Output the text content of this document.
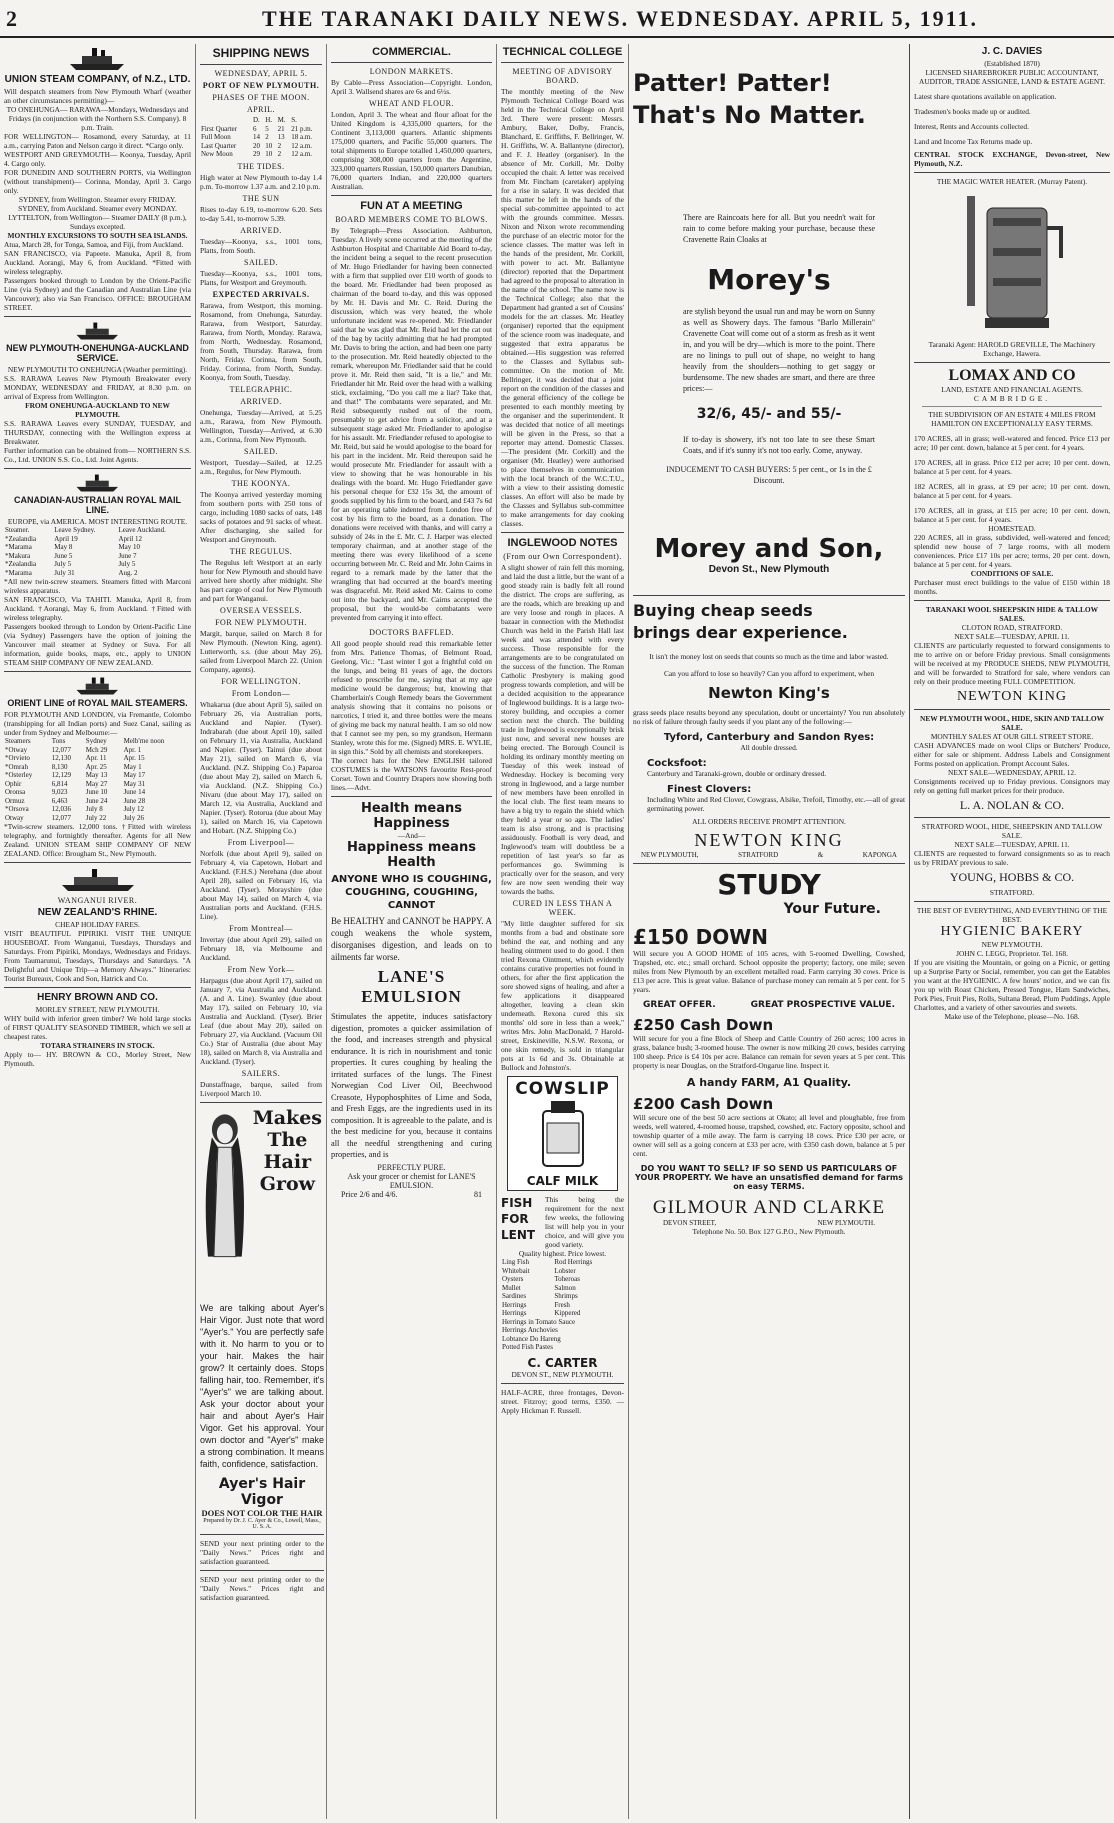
2	THE TARANAKI DAILY NEWS. WEDNESDAY. APRIL 5, 1911.
UNION STEAM COMPANY, of N.Z., LTD.

Will despatch steamers from New Plymouth Wharf (weather an other circumstances permitting)—

TO ONEHUNGA— RARAWA—Mondays, Wednesdays and Fridays (in conjunction with the Northern S.S. Company). 8 p.m. Train.

FOR WELLINGTON— Rosamond, every Saturday, at 11 a.m., carrying Paton and Nelson cargo it direct. *Cargo only.

WESTPORT AND GREYMOUTH— Koonya, Tuesday, April 4. Cargo only.

FOR DUNEDIN AND SOUTHERN PORTS, via Wellington (without transhipment)— Corinna, Monday, April 3. Cargo only.

SYDNEY, from Wellington. Steamer every FRIDAY. SYDNEY, from Auckland. Steamer every MONDAY.

LYTTELTON, from Wellington— Steamer DAILY (8 p.m.), Sundays excepted.

MONTHLY EXCURSIONS TO SOUTH SEA ISLANDS.

Atua, March 28, for Tonga, Samoa, and Fiji, from Auckland.

SAN FRANCISCO, via Papeete. Manuka, April 8, from Auckland. Aorangi, May 6, from Auckland. *Fitted with wireless telegraphy.

Passengers booked through to London by the Orient-Pacific Line (via Sydney) and the Canadian and Australian Line (via Vancouver); also via San Francisco. OFFICE: BROUGHAM STREET.

NEW PLYMOUTH-ONEHUNGA-AUCKLAND SERVICE.

NEW PLYMOUTH TO ONEHUNGA (Weather permitting).

S.S. RARAWA Leaves New Plymouth Breakwater every MONDAY, WEDNESDAY and FRIDAY, at 8.30 p.m. on arrival of Express from Wellington.

FROM ONEHUNGA-AUCKLAND TO NEW PLYMOUTH.

S.S. RARAWA Leaves every SUNDAY, TUESDAY, and THURSDAY, connecting with the Wellington express at Breakwater.

Further information can be obtained from— NORTHERN S.S. Co., Ltd. UNION S.S. Co., Ltd. Joint Agents.

CANADIAN-AUSTRALIAN ROYAL MAIL LINE.

EUROPE, via AMERICA. MOST INTERESTING ROUTE.

Steamer.	Leave Sydney.	Leave Auckland.
*Zealandia	April 19	April 12
*Marama	May 8	May 10
*Makura	June 5	June 7
*Zealandia	July 5	July 5
*Marama	July 31	Aug. 2

*All new twin-screw steamers. Steamers fitted with Marconi wireless apparatus.

SAN FRANCISCO, Via TAHITI. Manuka, April 8, from Auckland. †Aorangi, May 6, from Auckland. †Fitted with wireless telegraphy.

Passengers booked through to London by Orient-Pacific Line (via Sydney) Passengers have the option of joining the Vancouver mail steamer at Sydney or Suva. For all information, guide books, maps, etc., apply to UNION STEAM SHIP COMPANY OF NEW ZEALAND.

ORIENT LINE of ROYAL MAIL STEAMERS.

FOR PLYMOUTH AND LONDON, via Fremantle, Colombo (transhipping for all Indian ports) and Suez Canal, sailing as under from Sydney and Melbourne:—

Steamers	Tons	Sydney	Melb'rne noon
*Otway	12,077	Mch 29	Apr. 1
*Orvieto	12,130	Apr. 11	Apr. 15
*Omrah	8,130	Apr. 25	May 1
*Osterley	12,129	May 13	May 17
Ophir	6,814	May 27	May 31
Oronsa	9,023	June 10	June 14
Ormuz	6,463	June 24	June 28
*Orsova	12,036	July 8	July 12
Otway	12,077	July 22	July 26

*Twin-screw steamers. 12,000 tons. †Fitted with wireless telegraphy, and fortnightly thereafter. Agents for all New Zealand. UNION STEAM SHIP COMPANY OF NEW ZEALAND. Office: Brougham St., New Plymouth.

WANGANUI RIVER.
NEW ZEALAND'S RHINE.

CHEAP HOLIDAY FARES.

VISIT BEAUTIFUL PIPIRIKI. VISIT THE UNIQUE HOUSEBOAT. From Wanganui, Tuesdays, Thursdays and Saturdays. From Pipiriki, Mondays, Wednesdays and Fridays. From Taumarunui, Tuesdays, Thursdays and Saturdays. "A Delightful and Unique Trip—a Memory Always." Itineraries: Tourist Bureaux, Cook and Son, Hatrick and Co.

HENRY BROWN AND CO.

MORLEY STREET, NEW PLYMOUTH.

WHY build with inferior green timber? We hold large stocks of FIRST QUALITY SEASONED TIMBER, which we sell at cheapest rates.

TOTARA STRAINERS IN STOCK.

Apply to— HY. BROWN & CO., Morley Street, New Plymouth.

SHIPPING NEWS
WEDNESDAY, APRIL 5.
PORT OF NEW PLYMOUTH.
PHASES OF THE MOON.
APRIL.
	D.	H.	M.	S.
First Quarter	6	5	21	21 p.m.
Full Moon	14	2	13	18 a.m.
Last Quarter	20	10	2	12 a.m.
New Moon	29	10	2	12 a.m.
THE TIDES.

High water at New Plymouth to-day 1.4 p.m. To-morrow 1.37 a.m. and 2.10 p.m.

THE SUN

Rises to-day 6.19, to-morrow 6.20. Sets to-day 5.41, to-morrow 5.39.

ARRIVED.

Tuesday—Koonya, s.s., 1001 tons, Platts, from South.

SAILED.

Tuesday—Koonya, s.s., 1001 tons, Platts, for Westport and Greymouth.

EXPECTED ARRIVALS.

Rarawa, from Westport, this morning. Rosamond, from Onehunga, Saturday. Rarawa, from Westport, Saturday. Rarawa, from North, Monday. Rarawa, from North, Wednesday. Rosamond, from South, Thursday. Rarawa, from North, Friday. Corinna, from South, Friday. Corinna, from North, Sunday. Koonya, from South, Tuesday.

TELEGRAPHIC.
ARRIVED.

Onehunga, Tuesday—Arrived, at 5.25 a.m., Rarawa, from New Plymouth. Wellington, Tuesday—Arrived, at 6.30 a.m., Corinna, from New Plymouth.

SAILED.

Westport, Tuesday—Sailed, at 12.25 a.m., Regulus, for New Plymouth.

THE KOONYA.

The Koonya arrived yesterday morning from southern ports with 250 tons of cargo, including 1080 sacks of oats, 148 sacks of potatoes and 91 sacks of wheat. After discharging, she sailed for Westport and Greymouth.

THE REGULUS.

The Regulus left Westport at an early hour for New Plymouth and should have arrived here shortly after midnight. She has part cargo of coal for New Plymouth and part for Wanganui.

OVERSEA VESSELS.
FOR NEW PLYMOUTH.

Margit, barque, sailed on March 8 for New Plymouth. (Newton King, agent). Lutterworth, s.s. (due about May 26), sailed from Liverpool March 22. (Union Company, agents).

FOR WELLINGTON.
From London—

Whakarua (due about April 5), sailed on February 26, via Australian ports, Auckland and Napier. (Tyser). Indrabarah (due about April 10), sailed on February 11, via Australia, Auckland and Napier. (Tyser). Tainui (due about May 21), sailed on March 6, via Auckland. (N.Z. Shipping Co.) Paparoa (due about May 2), sailed on March 6, via Auckland. (N.Z. Shipping Co.) Nivaru (due about May 17), sailed on March 12, via Australia, Auckland and Napier. (Tyser). Rotorua (due about May 1), sailed on March 16, via Capetown and Hobart. (N.Z. Shipping Co.)

From Liverpool—

Norfolk (due about April 9), sailed on February 4, via Capetown, Hobart and Auckland. (F.H.S.) Nerehana (due about April 28), sailed on February 16, via Auckland. (Tyser). Morayshire (due about May 14), sailed on March 4, via Australian ports and Auckland. (F.H.S. Line).

From Montreal—

Invertay (due about April 29), sailed on February 18, via Melbourne and Auckland.

From New York—

Harpagus (due about April 17), sailed on January 7, via Australia and Auckland. (A. and A. Line). Swanley (due about May 17), sailed on February 10, via Australia and Auckland. (Tyser). Brier Leaf (due about May 20), sailed on February 27, via Auckland. (Vacuum Oil Co.) Star of Australia (due about May 18), sailed on March 8, via Australia and Auckland. (Tyser).

SAILERS.

Dunstaffnage, barque, sailed from Liverpool March 10.

Makes The Hair Grow
COMMERCIAL.
LONDON MARKETS.

By Cable—Press Association—Copyright. London, April 3. Wallsend shares are 6s and 6½s.

WHEAT AND FLOUR.

London, April 3. The wheat and flour afloat for the United Kingdom is 4,335,000 quarters, for the Continent 3,113,000 quarters. Atlantic shipments 175,000 quarters, and Pacific 55,000 quarters. The total shipments to Europe totalled 1,450,000 quarters, comprising 308,000 quarters from the Argentine, 323,000 quarters Russian, 150,000 quarters Danubian, 76,000 quarters Indian, and 220,000 quarters Australian.

FUN AT A MEETING
BOARD MEMBERS COME TO BLOWS.

By Telegraph—Press Association. Ashburton, Tuesday. A lively scene occurred at the meeting of the Ashburton Hospital and Charitable Aid Board to-day, the incident being a sequel to the recent prosecution of Mr. Hugo Friedlander for having been connected with a firm that supplied over £10 worth of goods to the board. Mr. Friedlander had been proposed as chairman of the board to-day, and this was opposed by Mr. H. Davis and Mr. C. Reid. During the discussion, which was very heated, the whole unfortunate incident was re-opened. Mr. Friedlander said that he was glad that Mr. Reid had let the cat out of the bag by tacitly admitting that he had prompted Mr. Davis to bring the action, and had been one party to the prosecution. Mr. Reid heatedly objected to the remark, whereupon Mr. Friedlander said that he could prove it. Mr. Reid then said, "It is a lie," and Mr. Friedlander hit Mr. Reid over the head with a walking stick, exclaiming, "Do you call me a liar? Take that, and that!" The combatants were separated, and Mr. Reid subsequently rushed out of the room, presumably to get advice from a solicitor, and at a subsequent stage asked Mr. Friedlander to apologise for his assault. Mr. Friedlander refused to apologise to Mr. Reid, but said he would apologise to the board for his part in the incident. Mr. Reid thereupon said he would prosecute Mr. Friedlander for assault with a view to showing that he was honourable in his dealings with the board. Mr. Hugo Friedlander gave his personal cheque for £32 15s 3d, the amount of goods supplied by his firm to the board, and £43 7s 6d for an operating table indented from London free of cost by his firm to the board, as a donation. The donations were received with thanks, and will carry a subsidy of 24s in the £. Mr. C. J. Harper was elected temporary chairman, and at another stage of the meeting there was every likelihood of a scene occurring between Mr. C. Reid and Mr. John Cairns in regard to a remark made by the latter that the wrangling that had occurred at the board's meeting was disgraceful. Mr. Reid asked Mr. Cairns to come out into the backyard, and Mr. Cairns accepted the proposal, but the would-be combatants were prevented from carrying it into effect.

DOCTORS BAFFLED.

All good people should read this remarkable letter from Mrs. Patience Thomas, of Belmont Road, Geelong, Vic.: "Last winter I got a frightful cold on the lungs, and being 81 years of age, the doctors refused to prescribe for me, saying that at my age medicine would be dangerous; but, knowing that Chamberlain's Cough Remedy bears the Government analysis showing that it contains no poisons or narcotics, I tried it, and three bottles were the means of giving me back my natural health. I am so old now that I cannot see my pen, so my grandson, Hermann Stanley, wrote this for me. (Signed) MRS. E. WYLIE, in sign this." Sold by all chemists and storekeepers.

The correct hats for the New ENGLISH tailored COSTUMES is the WATSONS favourite Rest-proof Corset. Town and Country Drapers now showing both lines.—Advt.

Health means Happiness
—And—
Happiness means Health
ANYONE WHO IS COUGHING, COUGHING, COUGHING, CANNOT

Be HEALTHY and CANNOT be HAPPY. A cough weakens the whole system, disorganises digestion, and leads on to ailments far worse.

LANE'S EMULSION

Stimulates the appetite, induces satisfactory digestion, promotes a quicker assimilation of the food, and increases strength and physical endurance. It is rich in nourishment and tonic properties. It cures coughing by healing the irritated surfaces of the lungs. The Finest Norwegian Cod Liver Oil, Beechwood Creasote, Hypophosphites of Lime and Soda, and Fresh Eggs, are the ingredients used in its composition. It is agreeable to the palate, and is the best medicine for you, because it contains all the needful strengthening and curing properties, and is

PERFECTLY PURE.

Ask your grocer or chemist for LANE'S EMULSION.

Price 2/6 and 4/6.	81

We are talking about Ayer's Hair Vigor. Just note that word "Ayer's." You are perfectly safe with it. No harm to you or to your hair. Makes the hair grow? It certainly does. Stops falling hair, too. Remember, it's "Ayer's" we are talking about. Ask your doctor about your hair and about Ayer's Hair Vigor. Get his approval. Your own doctor and "Ayer's" make a strong combination. It means faith, confidence, satisfaction.

Ayer's Hair Vigor
DOES NOT COLOR THE HAIR
Prepared by Dr. J. C. Ayer & Co., Lowell, Mass., U. S. A.

SEND your next printing order to the "Daily News." Prices right and satisfaction guaranteed.

SEND your next printing order to the "Daily News." Prices right and satisfaction guaranteed.

TECHNICAL COLLEGE
MEETING OF ADVISORY BOARD.

The monthly meeting of the New Plymouth Technical College Board was held in the Technical College on April 3rd. There were present: Messrs. Ambury, Baker, Dolby, Francis, Blanchard, E. Griffiths, F. Bellringer, W. H. Griffiths, W. A. Ballantyne (director), and F. J. Heatley (organiser). In the absence of Mr. Corkill, Mr. Dolby occupied the chair. A letter was received from Mr. Fincham (caretaker) applying for a rise in salary. It was decided that this matter be left in the hands of the special sub-committee appointed to act with the grounds committee. Messrs. Nixon and Nixon wrote recommending the purchase of an electric motor for the science classes. The matter was left in the hands of the president, Mr. Corkill, with power to act. Mr. Ballantyne (director) reported that the Department had agreed to the proposal to alteration in the name of the school. The name now is the Technical College; also that the Department had granted a set of Cousins' models for the art classes. Mr. Heatley (organiser) reported that the equipment of the science room was inadequate, and suggested that extra apparatus be obtained.—His suggestion was referred to the Classes and Syllabus sub-committee. On the motion of Mr. Bellringer, it was decided that a joint report on the condition of the classes and the general efficiency of the college be presented to each monthly meeting by the organiser and the superintendent. It was decided that notice of all meetings will be given in the Press, so that a reporter may attend. Domestic Classes.—The president (Mr. Corkill) and the organiser (Mr. Heatley) were authorised to place themselves in communication with the local branch of the W.C.T.U., with a view to their assisting domestic classes. An effort will also be made by the Classes and Syllabus sub-committee to make arrangements for day cooking classes.

INGLEWOOD NOTES
(From our Own Correspondent).

A slight shower of rain fell this morning, and laid the dust a little, but the want of a good steady rain is badly felt all round the district. The crops are suffering, as are the roads, which are breaking up and are very loose and rough in places. A bazaar in connection with the Methodist Church was held in the Parish Hall last week and was attended with every success. Those responsible for the arrangements are to be congratulated on the success of the function. The Roman Catholic Presbytery is making good progress towards completion, and will be a decided acquisition to the appearance of Inglewood buildings. It is a large two-storey building, and occupies a corner section next the church. The building trade in Inglewood is exceptionally brisk just now, and several new houses are being erected. The Borough Council is holding its ordinary monthly meeting on Tuesday of this week instead of Wednesday. Hockey is becoming very strong in Inglewood, and a large number of new members have been enrolled in the local club. The first team means to have a big try to regain the shield which they held a year or so ago. The ladies' team is also strong, and is practising assiduously. Football is very dead, and Inglewood's team will doubtless be a repetition of last year's so far as performances go. Swimming is practically over for the season, and very few are now seen wending their way towards the baths.

CURED IN LESS THAN A WEEK.

"My little daughter suffered for six months from a bad and obstinate sore behind the ear, and nothing and any healing ointment used to do good. I then tried Rexona Ointment, which evidently contains curative properties not found in others, for after the first application the sore showed signs of healing, and after a few applications it disappeared altogether, leaving a clean skin underneath. Rexona cured this six months' old sore in less than a week," writes Mrs. John MacDonald, 7 Harold-street, Erskineville, N.S.W. Rexona, or one skin remedy, is sold in triangular pots at 1s 6d and 3s. Obtainable at Bullock and Johnston's.

COWSLIP
CALF MILK
FISH FOR LENT

This being the requirement for the next few weeks, the following list will help you in your choice, and will give you good variety.

Quality highest. Price lowest.

Ling Fish	Rod Herrings
Whitebait	Lobster
Oysters	Toheroas
Mullet	Salmon
Sardines	Shrimps
Herrings	Fresh
Herrings	Kippered
Herrings in Tomato Sauce	
Herrings Anchovies	
Lobtance Do Hareng	
Potted Fish Pastes	
C. CARTER

DEVON ST., NEW PLYMOUTH.

HALF-ACRE, three frontages, Devon-street. Fitzroy; good terms, £350. —Apply Hickman F. Russell.

Patter! Patter!
That's No Matter.

There are Raincoats here for all. But you needn't wait for rain to come before making your purchase, because these Cravenette Rain Cloaks at

Morey's

are stylish beyond the usual run and may be worn on Sunny as well as Showery days. The famous "Barlo Millerain" Cravenette Coat will come out of a storm as fresh as it went in, and you will be dry—which is more to the point. There are no linings to pull out of shape, no weight to hang heavily from the shoulders—nothing to get saggy or burdensome. The new shades are smart, and there are three prices:—

32/6, 45/- and 55/-

If to-day is showery, it's not too late to see these Smart Coats, and if it's sunny it's not too early. Come, anyway.

INDUCEMENT TO CASH BUYERS: 5 per cent., or 1s in the £ Discount.

Morey and Son,
Devon St., New Plymouth
Buying cheap seeds
brings dear experience.

It isn't the money lost on seeds that counts so much as the time and labor wasted.

Can you afford to lose so heavily? Can you afford to experiment, when

Newton King's

grass seeds place results beyond any speculation, doubt or uncertainty? You run absolutely no risk of failure through faulty seeds if you plant any of the following:—

Tyford, Canterbury and Sandon Ryes:

All double dressed.

Cocksfoot:

Canterbury and Taranaki-grown, double or ordinary dressed.

Finest Clovers:

Including White and Red Clover, Cowgrass, Alsike, Trefoil, Timothy, etc.—all of great germinating power.

ALL ORDERS RECEIVE PROMPT ATTENTION.

NEWTON KING
NEW PLYMOUTH,	STRATFORD	&	KAPONGA
STUDY
Your Future.
£150 DOWN

Will secure you A GOOD HOME of 105 acres, with 5-roomed Dwelling, Cowshed, Trapshed, etc. etc.; small orchard. School opposite the property; factory, one mile; seven miles from New Plymouth by an excellent metalled road. Farm carrying 30 cows. Price is £13 per acre. This is great value. Balance of purchase money can remain at 5 per cent. for 5 years.

GREAT OFFER.	GREAT PROSPECTIVE VALUE.
£250 Cash Down

Will secure for you a fine Block of Sheep and Cattle Country of 260 acres; 100 acres in grass, balance bush; 3-roomed house. The owner is now milking 20 cows, besides carrying 100 sheep. Price is £4 10s per acre. Balance can remain for seven years at 5 per cent. This property is near Douglas, on the Stratford-Ongarue line. Inspect it.

A handy FARM, A1 Quality.
£200 Cash Down

Will secure one of the best 50 acre sections at Okato; all level and ploughable, free from weeds, well watered, 4-roomed house, trapshed, cowshed, etc. Factory opposite, school and township quarter of a mile away. The farm is carrying 18 cows. Price £30 per acre, or owner will sell as a going concern at £33 per acre, with £350 cash down, balance at 5 per cent.

DO YOU WANT TO SELL? IF SO SEND US PARTICULARS OF YOUR PROPERTY. We have an unsatisfied demand for farms on easy TERMS.

GILMOUR AND CLARKE
DEVON STREET,	NEW PLYMOUTH.

Telephone No. 50. Box 127 G.P.O., New Plymouth.

J. C. DAVIES

(Established 1870)

LICENSED SHAREBROKER PUBLIC ACCOUNTANT, AUDITOR, TRADE ASSIGNEE, LAND & ESTATE AGENT.

Latest share quotations available on application.

Tradesmen's books made up or audited.

Interest, Rents and Accounts collected.

Land and Income Tax Returns made up.

CENTRAL STOCK EXCHANGE, Devon-street, New Plymouth, N.Z.

THE MAGIC WATER HEATER. (Murray Patent).

Taranaki Agent: HAROLD GREVILLE, The Machinery Exchange, Hawera.

LOMAX AND CO

LAND, ESTATE AND FINANCIAL AGENTS.

CAMBRIDGE.

THE SUBDIVISION OF AN ESTATE 4 MILES FROM HAMILTON ON EXCEPTIONALLY EASY TERMS.

170 ACRES, all in grass; well-watered and fenced. Price £13 per acre; 10 per cent. down, balance at 5 per cent. for 4 years.

170 ACRES, all in grass. Price £12 per acre; 10 per cent. down, balance at 5 per cent. for 4 years.

182 ACRES, all in grass, at £9 per acre; 10 per cent. down, balance at 5 per cent. for 4 years.

170 ACRES, all in grass, at £15 per acre; 10 per cent. down, balance at 5 per cent. for 4 years.

HOMESTEAD.

220 ACRES, all in grass, subdivided, well-watered and fenced; splendid new house of 7 large rooms, with all modern conveniences. Price £17 10s per acre; terms, 20 per cent. down, balance at 5 per cent. for 4 years.

CONDITIONS OF SALE.

Purchaser must erect buildings to the value of £150 within 18 months.

TARANAKI WOOL SHEEPSKIN HIDE & TALLOW SALES.

CLOTON ROAD, STRATFORD.

NEXT SALE—TUESDAY, APRIL 11.

CLIENTS are particularly requested to forward consignments to me to arrive on or before Friday previous. Small consignments will be received at my PRODUCE SHEDS, NEW PLYMOUTH, and will be forwarded to Stratford for sale, where vendors can rely on their produce meeting FULL COMPETITION.

NEWTON KING

NEW PLYMOUTH WOOL, HIDE, SKIN AND TALLOW SALE.

MONTHLY SALES AT OUR GILL STREET STORE.

CASH ADVANCES made on wool Clips or Butchers' Produce, either for sale or shipment. Address Labels and Consignment Forms posted on application. Prompt Account Sales.

NEXT SALE—WEDNESDAY, APRIL 12.

Consignments received up to Friday previous. Consignors may rely on getting full market prices for their produce.

L. A. NOLAN & CO.

STRATFORD WOOL, HIDE, SHEEPSKIN AND TALLOW SALE.

NEXT SALE—TUESDAY, APRIL 11.

CLIENTS are requested to forward consignments so as to reach us by FRIDAY previous to sale.

YOUNG, HOBBS & CO.

STRATFORD.

THE BEST OF EVERYTHING, AND EVERYTHING OF THE BEST.

HYGIENIC BAKERY

NEW PLYMOUTH.

JOHN C. LEGG, Proprietor. Tel. 168.

If you are visiting the Mountain, or going on a Picnic, or getting up a Surprise Party or Social, remember, you can get the Eatables you want at the HYGIENIC. A few hours' notice, and we can fix you up with Roast Chicken, Pressed Tongue, Ham Sandwiches, Pork Pies, Fruit Pies, Rolls, Sultana Bread, Plum Puddings, Apple Charlottes, and a variety of other savouries and sweets.

Make use of the Telephone, please—No. 168.
